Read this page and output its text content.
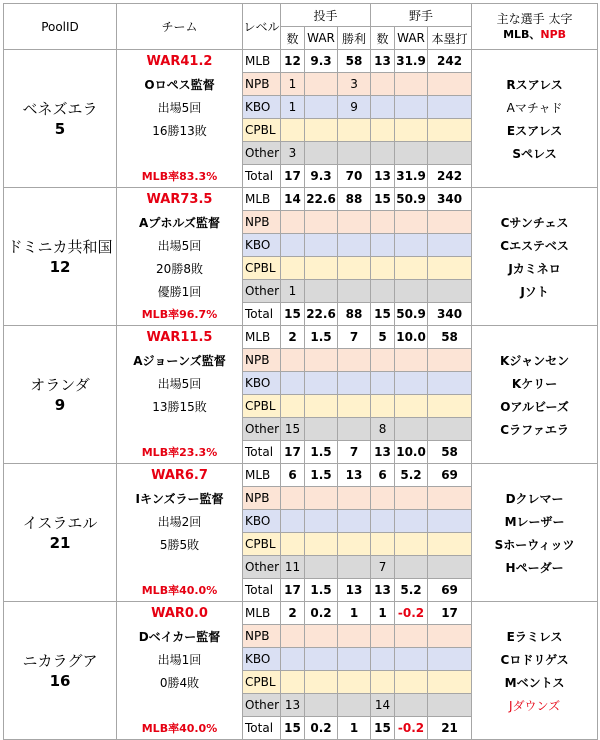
PoolID	チーム	レベル	投手			野手			主な選手 太字
MLB、NPB

			数	WAR	勝利	数	WAR	本塁打	

ベネズエラ
5	WAR41.2	MLB	12	9.3	58	13	31.9	242	
	Oロペス監督	NPB	1		3				Rスアレス
	出場5回	KBO	1		9				Aマチャド
	16勝13敗	CPBL							Eスアレス
		Other	3						Sペレス
	MLB率83.3%	Total	17	9.3	70	13	31.9	242	

ドミニカ共和国
12	WAR73.5	MLB	14	22.6	88	15	50.9	340	
	Aプホルズ監督	NPB							Cサンチェス
	出場5回	KBO							Cエステベス
	20勝8敗	CPBL							Jカミネロ
	優勝1回	Other	1						Jソト
	MLB率96.7%	Total	15	22.6	88	15	50.9	340	

オランダ
9	WAR11.5	MLB	2	1.5	7	5	10.0	58	
	Aジョーンズ監督	NPB							Kジャンセン
	出場5回	KBO							Kケリー
	13勝15敗	CPBL							Oアルビーズ
		Other	15			8			Cラファエラ
	MLB率23.3%	Total	17	1.5	7	13	10.0	58	

イスラエル
21	WAR6.7	MLB	6	1.5	13	6	5.2	69	
	Iキンズラー監督	NPB							Dクレマー
	出場2回	KBO							Mレーザー
	5勝5敗	CPBL							Sホーウィッツ
		Other	11			7			Hペーダー
	MLB率40.0%	Total	17	1.5	13	13	5.2	69	

ニカラグア
16	WAR0.0	MLB	2	0.2	1	1	-0.2	17	
	Dベイカー監督	NPB							Eラミレス
	出場1回	KBO							Cロドリゲス
	0勝4敗	CPBL							Mベントス
		Other	13			14			Jダウンズ
	MLB率40.0%	Total	15	0.2	1	15	-0.2	21	
